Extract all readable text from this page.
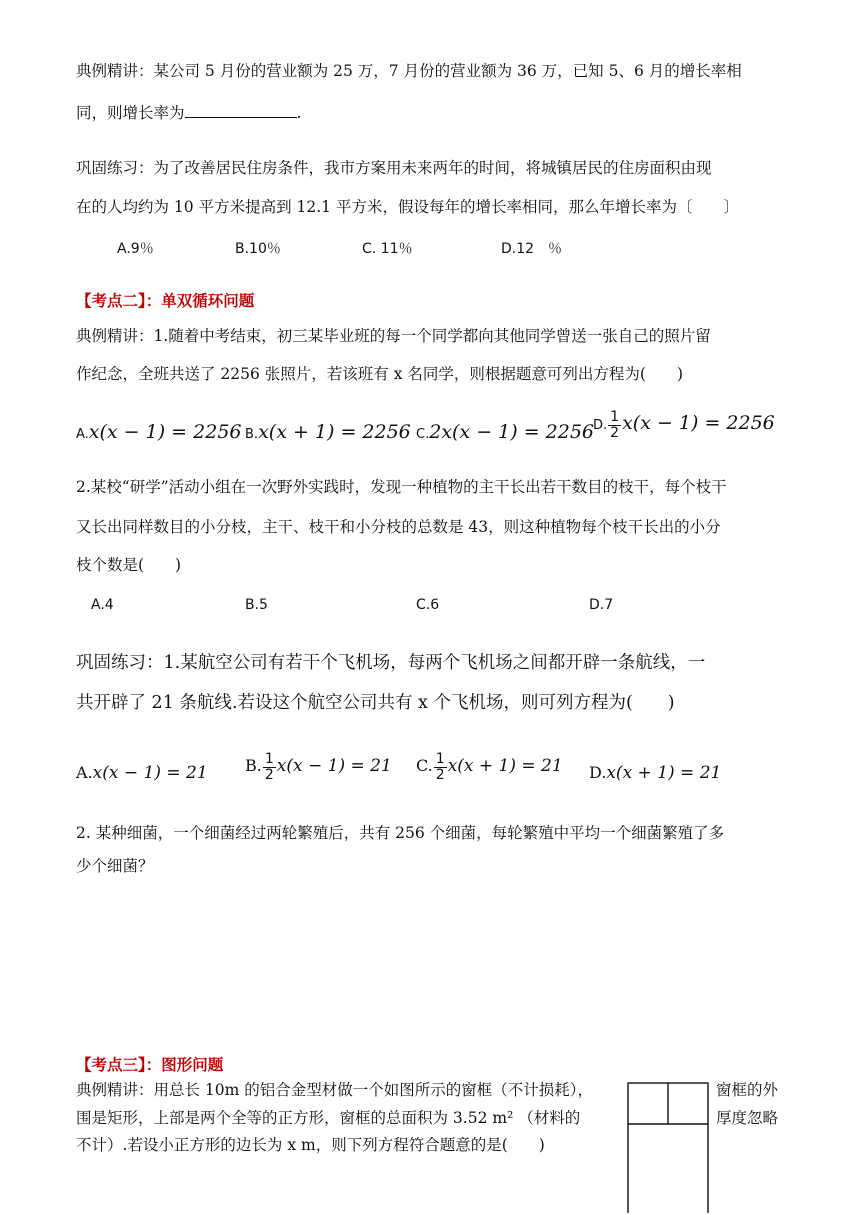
典例精讲：某公司 5 月份的营业额为 25 万，7 月份的营业额为 36 万，已知 5、6 月的增长率相
同，则增长率为	.
巩固练习：为了改善居民住房条件，我市方案用未来两年的时间，将城镇居民的住房面积由现
在的人均约为 10 平方米提高到 12.1 平方米，假设每年的增长率相同，那么年增长率为〔　　〕
A.9％	B.10％	C. 11％	D.12　％
【考点二】：单双循环问题
典例精讲：1.随着中考结束，初三某毕业班的每一个同学都向其他同学曾送一张自己的照片留
作纪念，全班共送了 2256 张照片，若该班有 x 名同学，则根据题意可列出方程为(　　)
A.x(x − 1) = 2256 B.x(x + 1) = 2256 C.2x(x − 1) = 2256
D. $\frac{1}{2} x(x - 1) = 2256$
2.某校“研学”活动小组在一次野外实践时，发现一种植物的主干长出若干数目的枝干，每个枝干
又长出同样数目的小分枝，主干、枝干和小分枝的总数是 43，则这种植物每个枝干长出的小分
枝个数是(　　)
A.4	B.5	C.6	D.7
巩固练习：1.某航空公司有若干个飞机场，每两个飞机场之间都开辟一条航线，一
共开辟了 21 条航线.若设这个航空公司共有 x 个飞机场，则可列方程为(　　)
A.x(x − 1) = 21 B. $\frac{1}{2} x(x - 1) = 21$ C. $\frac{1}{2} x(x + 1) = 21$ D.x(x + 1) = 21
2. 某种细菌，一个细菌经过两轮繁殖后，共有 256 个细菌，每轮繁殖中平均一个细菌繁殖了多
少个细菌？
【考点三】：图形问题
典例精讲：用总长 10m 的铝合金型材做一个如图所示的窗框（不计损耗），
围是矩形，上部是两个全等的正方形，窗框的总面积为 3.52 m² （材料的
不计）.若设小正方形的边长为 x m，则下列方程符合题意的是(　　)
窗框的外
厚度忽略
